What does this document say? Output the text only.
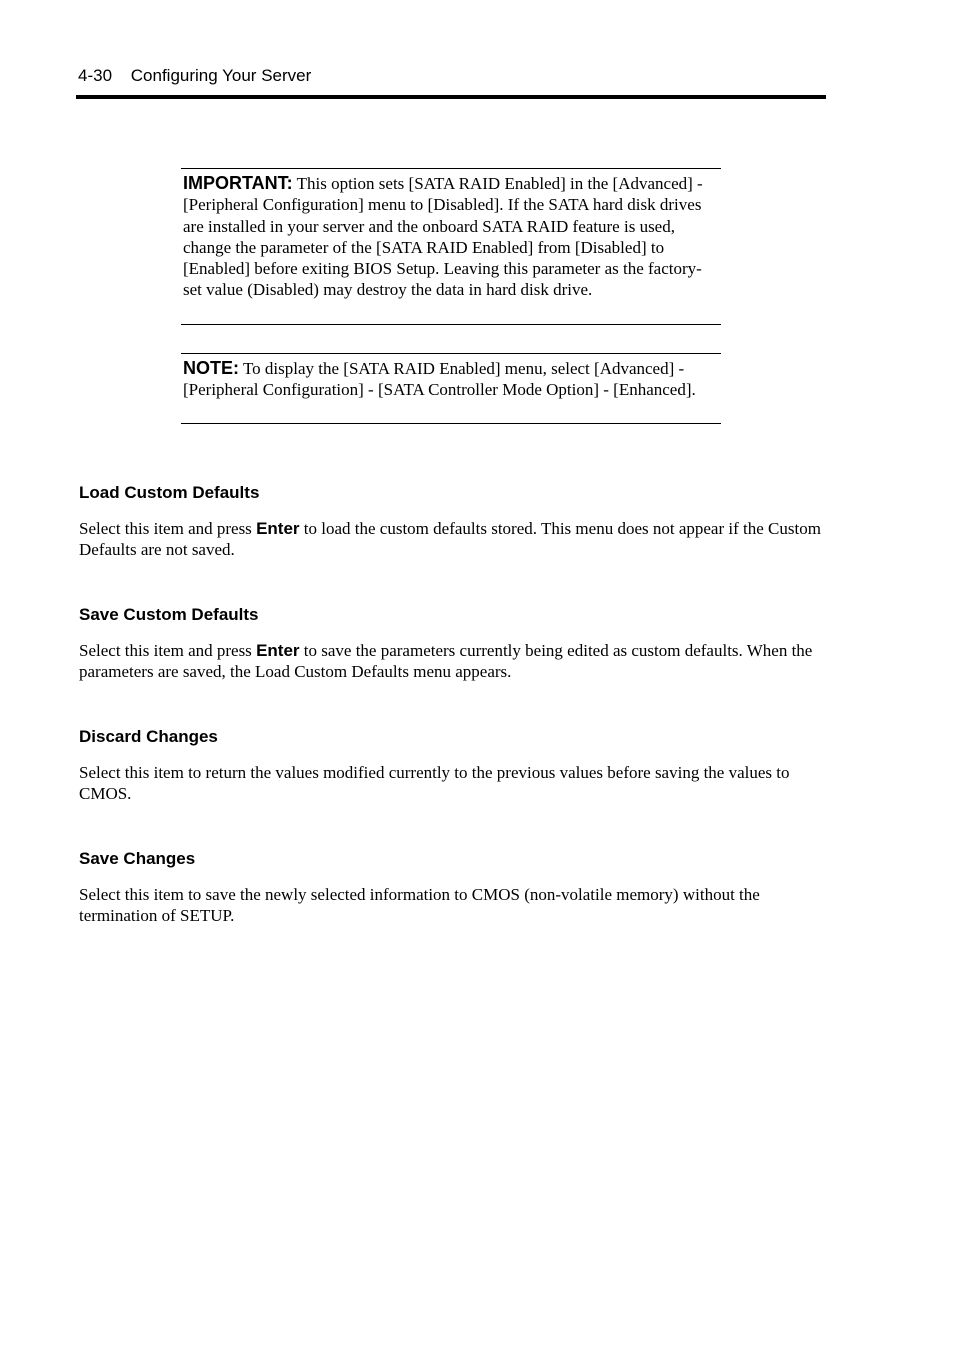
4-30 Configuring Your Server
IMPORTANT: This option sets [SATA RAID Enabled] in the [Advanced] - [Peripheral Configuration] menu to [Disabled]. If the SATA hard disk drives are installed in your server and the onboard SATA RAID feature is used, change the parameter of the [SATA RAID Enabled] from [Disabled] to [Enabled] before exiting BIOS Setup. Leaving this parameter as the factory-set value (Disabled) may destroy the data in hard disk drive.
NOTE: To display the [SATA RAID Enabled] menu, select [Advanced] - [Peripheral Configuration] - [SATA Controller Mode Option] - [Enhanced].
Load Custom Defaults
Select this item and press Enter to load the custom defaults stored. This menu does not appear if the Custom Defaults are not saved.
Save Custom Defaults
Select this item and press Enter to save the parameters currently being edited as custom defaults. When the parameters are saved, the Load Custom Defaults menu appears.
Discard Changes
Select this item to return the values modified currently to the previous values before saving the values to CMOS.
Save Changes
Select this item to save the newly selected information to CMOS (non-volatile memory) without the termination of SETUP.
